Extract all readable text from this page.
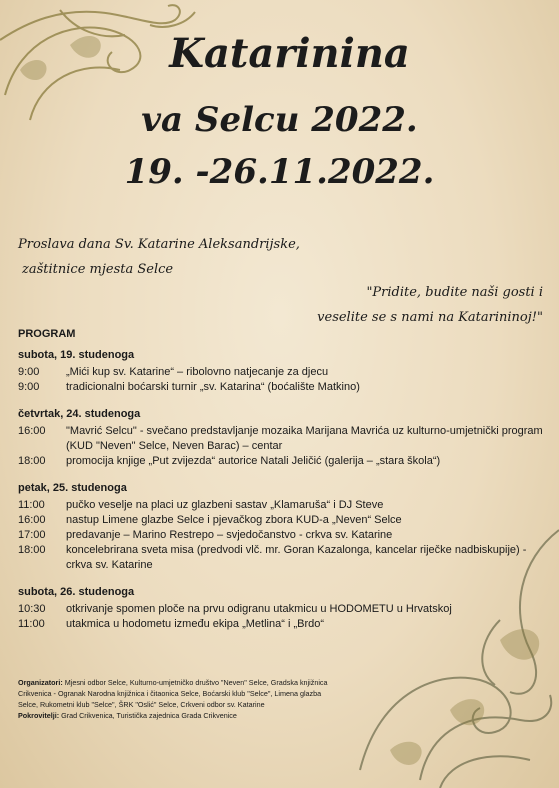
Katarinina
va Selcu 2022.
19. -26.11.2022.
Proslava dana Sv. Katarine Aleksandrijske,
zaštitnice mjesta Selce
"Pridite, budite naši gosti i
veselite se s nami na Katarininoj!"
PROGRAM
subota, 19. studenoga
9:00	„Mići kup sv. Katarine“ – ribolovno natjecanje za djecu
9:00	tradicionalni boćarski turnir „sv. Katarina“ (boćalište Matkino)
četvrtak, 24. studenoga
16:00	"Mavrić Selcu" - svečano predstavljanje mozaika Marijana Mavrića uz kulturno-umjetnički program (KUD "Neven" Selce, Neven Barac) – centar
18:00	promocija knjige „Put zvijezda“ autorice Natali Jeličić (galerija – „stara škola“)
petak, 25. studenoga
11:00	pučko veselje na placi uz glazbeni sastav „Klamaruša“ i DJ Steve
16:00	nastup Limene glazbe Selce i pjevačkog zbora KUD-a „Neven“ Selce
17:00	predavanje – Marino Restrepo – svjedočanstvo - crkva sv. Katarine
18:00	koncelebrirana sveta misa (predvodi vlč. mr. Goran Kazalonga, kancelar riječke nadbiskupije) - crkva sv. Katarine
subota, 26. studenoga
10:30	otkrivanje spomen ploče na prvu odigranu utakmicu u HODOMETU u Hrvatskoj
11:00	utakmica u hodometu između ekipa „Metlina“ i „Brdo“
Organizatori: Mjesni odbor Selce, Kulturno-umjetničko društvo "Neven" Selce, Gradska knjižnica Crikvenica - Ogranak Narodna knjižnica i čitaonica Selce, Boćarski klub "Selce", Limena glazba Selce, Rukometni klub "Selce", ŠRK "Oslić" Selce, Crkveni odbor sv. Katarine
Pokrovitelji: Grad Crikvenica, Turistička zajednica Grada Crikvenice
